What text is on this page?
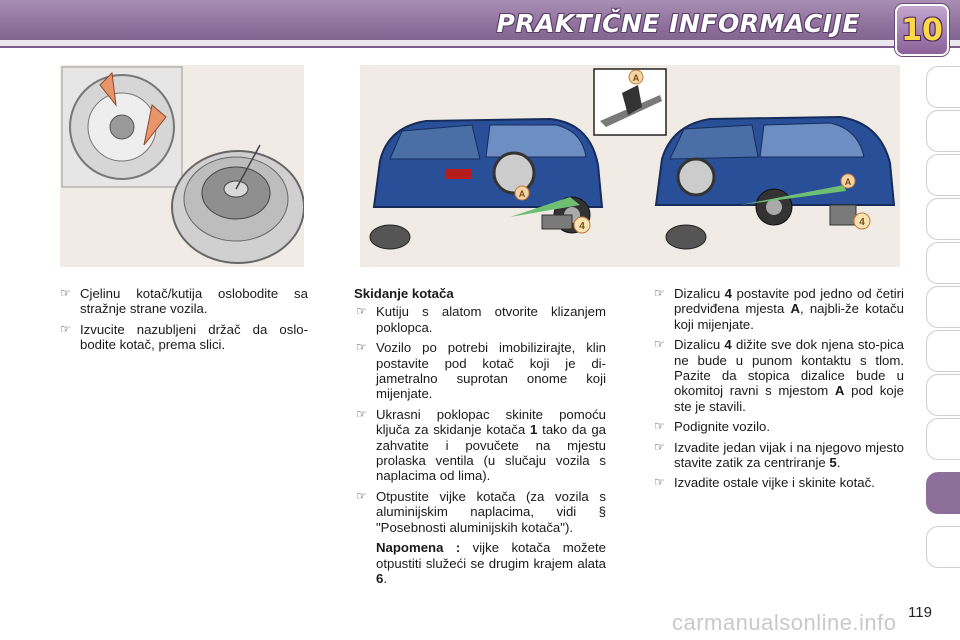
PRAKTIČNE INFORMACIJE 10
A
4
A
A
4
☞ Cjelinu kotač/kutija oslobodite sa stražnje strane vozila.
☞ Izvucite nazubljeni držač da oslo-bodite kotač, prema slici.
Skidanje kotača
☞ Kutiju s alatom otvorite klizanjem poklopca.
☞ Vozilo po potrebi imobilizirajte, klin postavite pod kotač koji je di-jametralno suprotan onome koji mijenjate.
☞ Ukrasni poklopac skinite pomoću ključa za skidanje kotača 1 tako da ga zahvatite i povučete na mjestu prolaska ventila (u slučaju vozila s naplacima od lima).
☞ Otpustite vijke kotača (za vozila s aluminijskim naplacima, vidi § "Posebnosti aluminijskih kotača").
Napomena : vijke kotača možete otpustiti služeći se drugim krajem alata 6.
☞ Dizalicu 4 postavite pod jedno od četiri predviđena mjesta A, najbli-že kotaču koji mijenjate.
☞ Dizalicu 4 dižite sve dok njena sto-pica ne bude u punom kontaktu s tlom. Pazite da stopica dizalice bude u okomitoj ravni s mjestom A pod koje ste je stavili.
☞ Podignite vozilo.
☞ Izvadite jedan vijak i na njegovo mjesto stavite zatik za centriranje 5.
☞ Izvadite ostale vijke i skinite kotač.
119
carmanualsonline.info
